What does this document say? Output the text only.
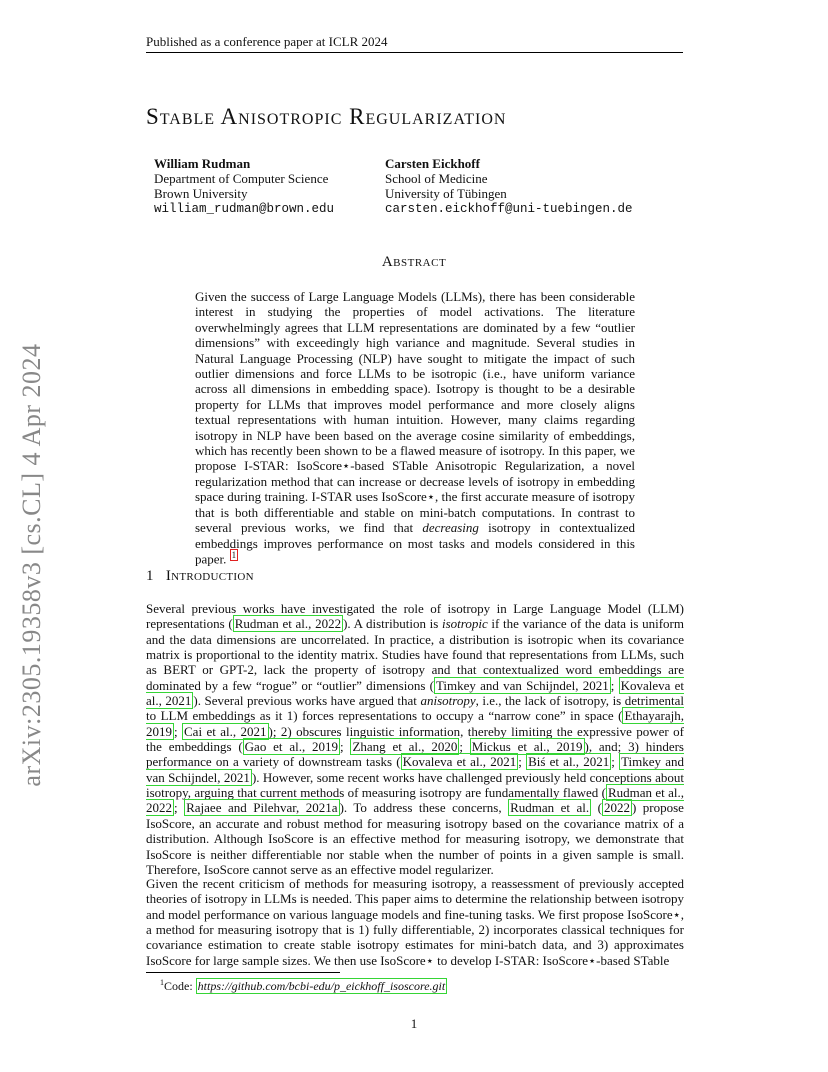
Published as a conference paper at ICLR 2024
arXiv:2305.19358v3 [cs.CL] 4 Apr 2024
Stable Anisotropic Regularization
William Rudman
Department of Computer Science
Brown University
william_rudman@brown.edu
Carsten Eickhoff
School of Medicine
University of Tübingen
carsten.eickhoff@uni-tuebingen.de
Abstract
Given the success of Large Language Models (LLMs), there has been considerable interest in studying the properties of model activations. The literature overwhelmingly agrees that LLM representations are dominated by a few “outlier dimensions” with exceedingly high variance and magnitude. Several studies in Natural Language Processing (NLP) have sought to mitigate the impact of such outlier dimensions and force LLMs to be isotropic (i.e., have uniform variance across all dimensions in embedding space). Isotropy is thought to be a desirable property for LLMs that improves model performance and more closely aligns textual representations with human intuition. However, many claims regarding isotropy in NLP have been based on the average cosine similarity of embeddings, which has recently been shown to be a flawed measure of isotropy. In this paper, we propose I-STAR: IsoScore⋆-based STable Anisotropic Regularization, a novel regularization method that can increase or decrease levels of isotropy in embedding space during training. I-STAR uses IsoScore⋆, the first accurate measure of isotropy that is both differentiable and stable on mini-batch computations. In contrast to several previous works, we find that decreasing isotropy in contextualized embeddings improves performance on most tasks and models considered in this paper. $^1$
1 Introduction
Several previous works have investigated the role of isotropy in Large Language Model (LLM) representations ( Rudman et al., 2022 ). A distribution is isotropic if the variance of the data is uniform and the data dimensions are uncorrelated. In practice, a distribution is isotropic when its covariance matrix is proportional to the identity matrix. Studies have found that representations from LLMs, such as BERT or GPT-2, lack the property of isotropy and that contextualized word embeddings are dominated by a few “rogue” or “outlier” dimensions ( Timkey and van Schijndel, 2021 ; Kovaleva et al., 2021 ). Several previous works have argued that anisotropy, i.e., the lack of isotropy, is detrimental to LLM embeddings as it 1) forces representations to occupy a “narrow cone” in space ( Ethayarajh, 2019 ; Cai et al., 2021 ); 2) obscures linguistic information, thereby limiting the expressive power of the embeddings ( Gao et al., 2019 ; Zhang et al., 2020 ; Mickus et al., 2019 ), and; 3) hinders performance on a variety of downstream tasks ( Kovaleva et al., 2021 ; Biś et al., 2021 ; Timkey and van Schijndel, 2021 ). However, some recent works have challenged previously held conceptions about isotropy, arguing that current methods of measuring isotropy are fundamentally flawed ( Rudman et al., 2022 ; Rajaee and Pilehvar, 2021a ). To address these concerns, Rudman et al. ( 2022 ) propose IsoScore, an accurate and robust method for measuring isotropy based on the covariance matrix of a distribution. Although IsoScore is an effective method for measuring isotropy, we demonstrate that IsoScore is neither differentiable nor stable when the number of points in a given sample is small. Therefore, IsoScore cannot serve as an effective model regularizer.
Given the recent criticism of methods for measuring isotropy, a reassessment of previously accepted theories of isotropy in LLMs is needed. This paper aims to determine the relationship between isotropy and model performance on various language models and fine-tuning tasks. We first propose IsoScore⋆, a method for measuring isotropy that is 1) fully differentiable, 2) incorporates classical techniques for covariance estimation to create stable isotropy estimates for mini-batch data, and 3) approximates IsoScore for large sample sizes. We then use IsoScore⋆ to develop I-STAR: IsoScore⋆-based STable
$^1$Code: https://github.com/bcbi-edu/p_eickhoff_isoscore.git
1
